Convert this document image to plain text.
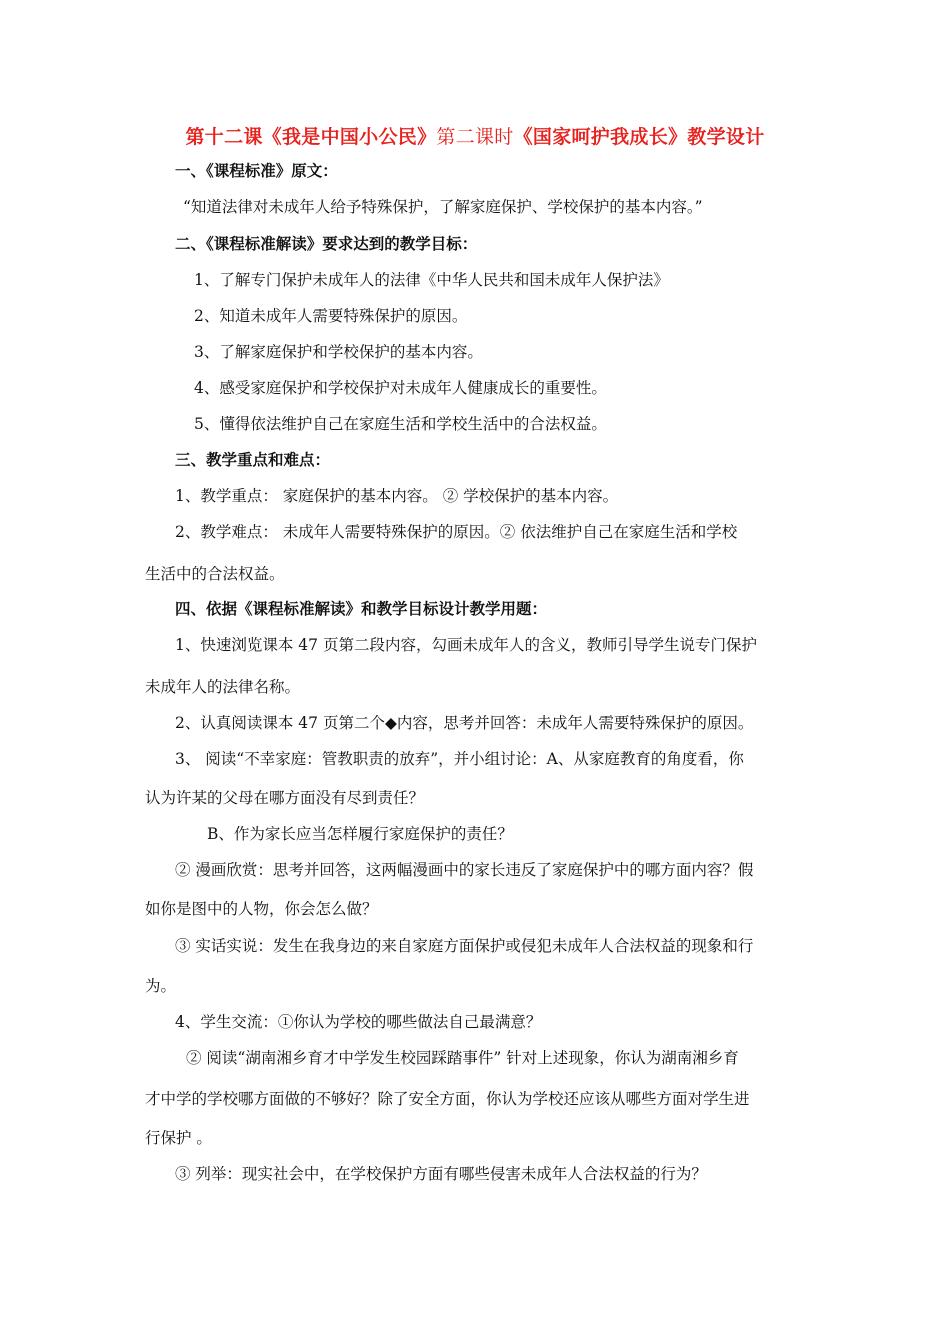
第十二课《我是中国小公民》第二课时《国家呵护我成长》教学设计
一、《课程标准》原文：
“知道法律对未成年人给予特殊保护，了解家庭保护、学校保护的基本内容。”
二、《课程标准解读》要求达到的教学目标：
1、了解专门保护未成年人的法律《中华人民共和国未成年人保护法》
2、知道未成年人需要特殊保护的原因。
3、了解家庭保护和学校保护的基本内容。
4、感受家庭保护和学校保护对未成年人健康成长的重要性。
5、懂得依法维护自己在家庭生活和学校生活中的合法权益。
三、教学重点和难点：
1、教学重点： 家庭保护的基本内容。 ② 学校保护的基本内容。
2、教学难点： 未成年人需要特殊保护的原因。② 依法维护自己在家庭生活和学校
生活中的合法权益。
四、依据《课程标准解读》和教学目标设计教学用题：
1、快速浏览课本 47 页第二段内容，勾画未成年人的含义，教师引导学生说专门保护
未成年人的法律名称。
2、认真阅读课本 47 页第二个◆内容，思考并回答：未成年人需要特殊保护的原因。
3、 阅读“不幸家庭：管教职责的放弃”，并小组讨论：A、从家庭教育的角度看，你
认为许某的父母在哪方面没有尽到责任？
B、作为家长应当怎样履行家庭保护的责任？
② 漫画欣赏：思考并回答，这两幅漫画中的家长违反了家庭保护中的哪方面内容？假
如你是图中的人物，你会怎么做？
③ 实话实说：发生在我身边的来自家庭方面保护或侵犯未成年人合法权益的现象和行
为。
4、学生交流：①你认为学校的哪些做法自己最满意？
② 阅读“湖南湘乡育才中学发生校园踩踏事件” 针对上述现象，你认为湖南湘乡育
才中学的学校哪方面做的不够好？除了安全方面，你认为学校还应该从哪些方面对学生进
行保护 。
③ 列举：现实社会中，在学校保护方面有哪些侵害未成年人合法权益的行为？
